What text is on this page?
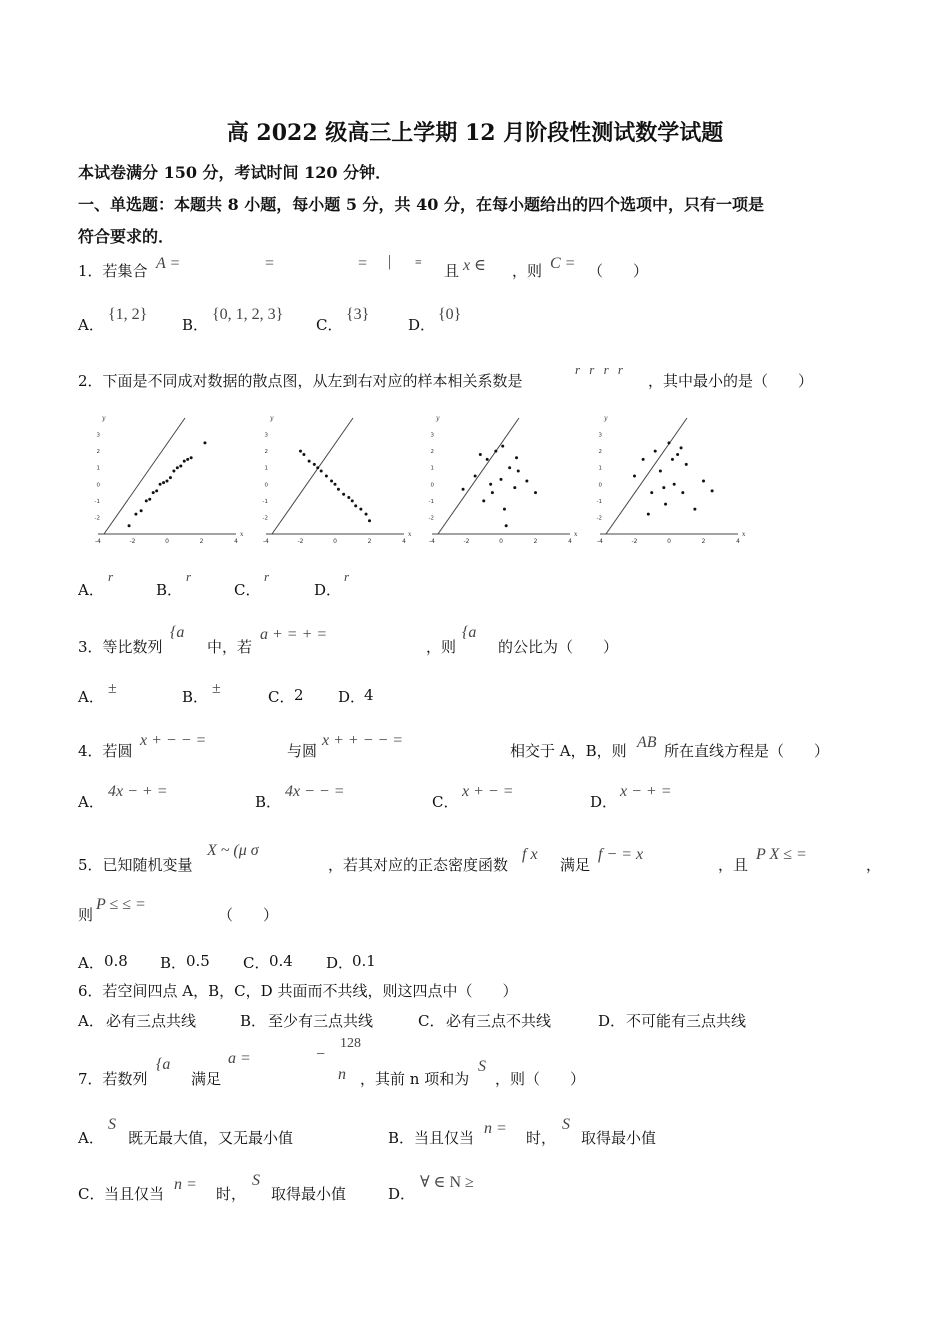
高 2022 级高三上学期 12 月阶段性测试数学试题
本试卷满分 150 分，考试时间 120 分钟．
一、单选题：本题共 8 小题，每小题 5 分，共 40 分，在每小题给出的四个选项中，只有一项是
符合要求的．
1．若集合 A =	=	= | ≡ 且 x ∈ ，则 C = （　　）
A．
{1, 2}
B．
{0, 1, 2, 3}
C．
{3}
D．
{0}
2．下面是不同成对数据的散点图，从左到右对应的样本相关系数是
r r r r
，其中最小的是（　　）
-4	-2	0	2	4
-2
-1
0
1
2
3
x
y
-4	-2	0	2	4
-2
-1
0
1
2
3
x
y
-4	-2	0	2	4
-2
-1
0
1
2
3
x
y
-4	-2	0	2	4
-2
-1
0
1
2
3
x
y
A．
r
B．
r
C．
r
D．
r
3．等比数列
{a
中，若
a + = + =
，则
{a
的公比为（　　）
A． ±	B． ±	C． 2 D．
4
4．若圆
x + − − =
与圆
x + + − − =
相交于 A，B，则 AB 所在直线方程是（　　）
A．
4x − + =
B．
4x − − =
C．
x + − =
D．
x − + =
5．已知随机变量
X ~ (μ σ
，若其对应的正态密度函数
f x
满足
f − = x
，且
P X ≤ =
，
则
P ≤ ≤ =
（　　）
A． 0.8 B． 0.5 C． 0.4 D．
0.1
6．若空间四点 A，B，C，D 共面而不共线，则这四点中（　　）
A． 必有三点共线	B． 至少有三点共线	C． 必有三点不共线	D． 不可能有三点共线
7．若数列
{a
满足
a =
128
−
n ，其前 n 项和为
S
，则（　　）
A．
S
既无最大值，又无最小值	B． 当且仅当
n =
时，
S
取得最小值
C． 当且仅当
n =
时，
S
取得最小值	D．
∀ ∈ N ≥
